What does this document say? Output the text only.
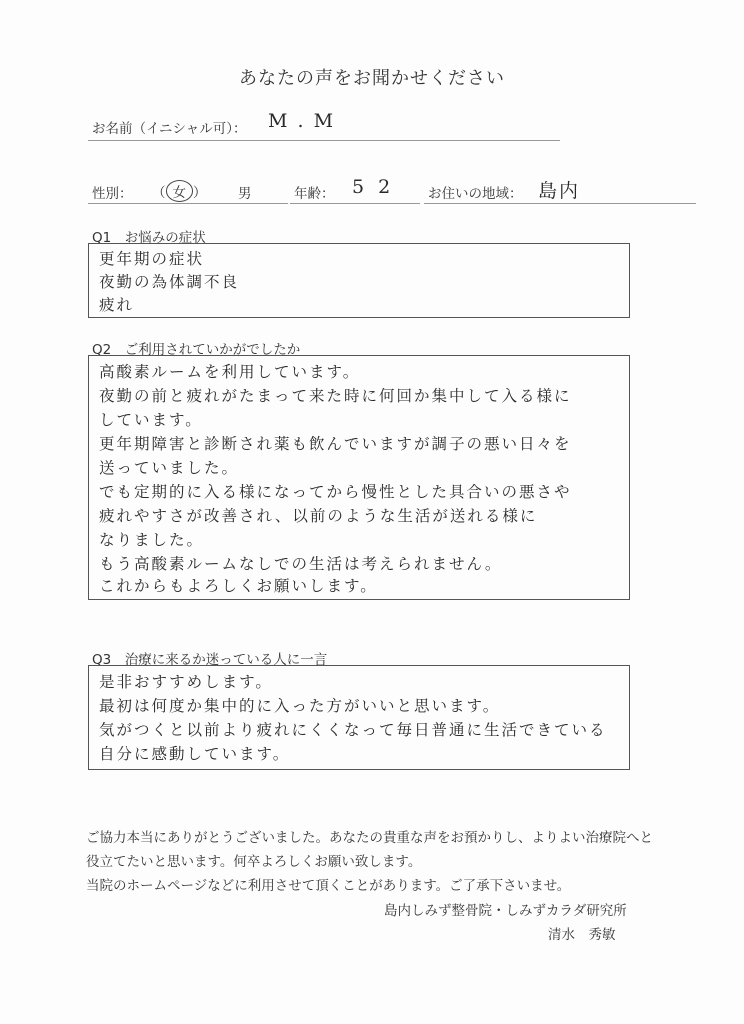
あなたの声をお聞かせください
お名前（イニシャル可）： M . M
性別： （ 女 ） 男	年齢： 5 2	お住いの地域： 島内
Q1　お悩みの症状
更年期の症状
夜勤の為体調不良
疲れ
Q2　ご利用されていかがでしたか
高酸素ルームを利用しています。
夜勤の前と疲れがたまって来た時に何回か集中して入る様に
しています。
更年期障害と診断され薬も飲んでいますが調子の悪い日々を
送っていました。
でも定期的に入る様になってから慢性とした具合いの悪さや
疲れやすさが改善され、以前のような生活が送れる様に
なりました。
もう高酸素ルームなしでの生活は考えられません。
これからもよろしくお願いします。
Q3　治療に来るか迷っている人に一言
是非おすすめします。
最初は何度か集中的に入った方がいいと思います。
気がつくと以前より疲れにくくなって毎日普通に生活できている
自分に感動しています。
ご協力本当にありがとうございました。あなたの貴重な声をお預かりし、よりよい治療院へと
役立てたいと思います。何卒よろしくお願い致します。
当院のホームページなどに利用させて頂くことがあります。ご了承下さいませ。
島内しみず整骨院・しみずカラダ研究所
清水　秀敏
